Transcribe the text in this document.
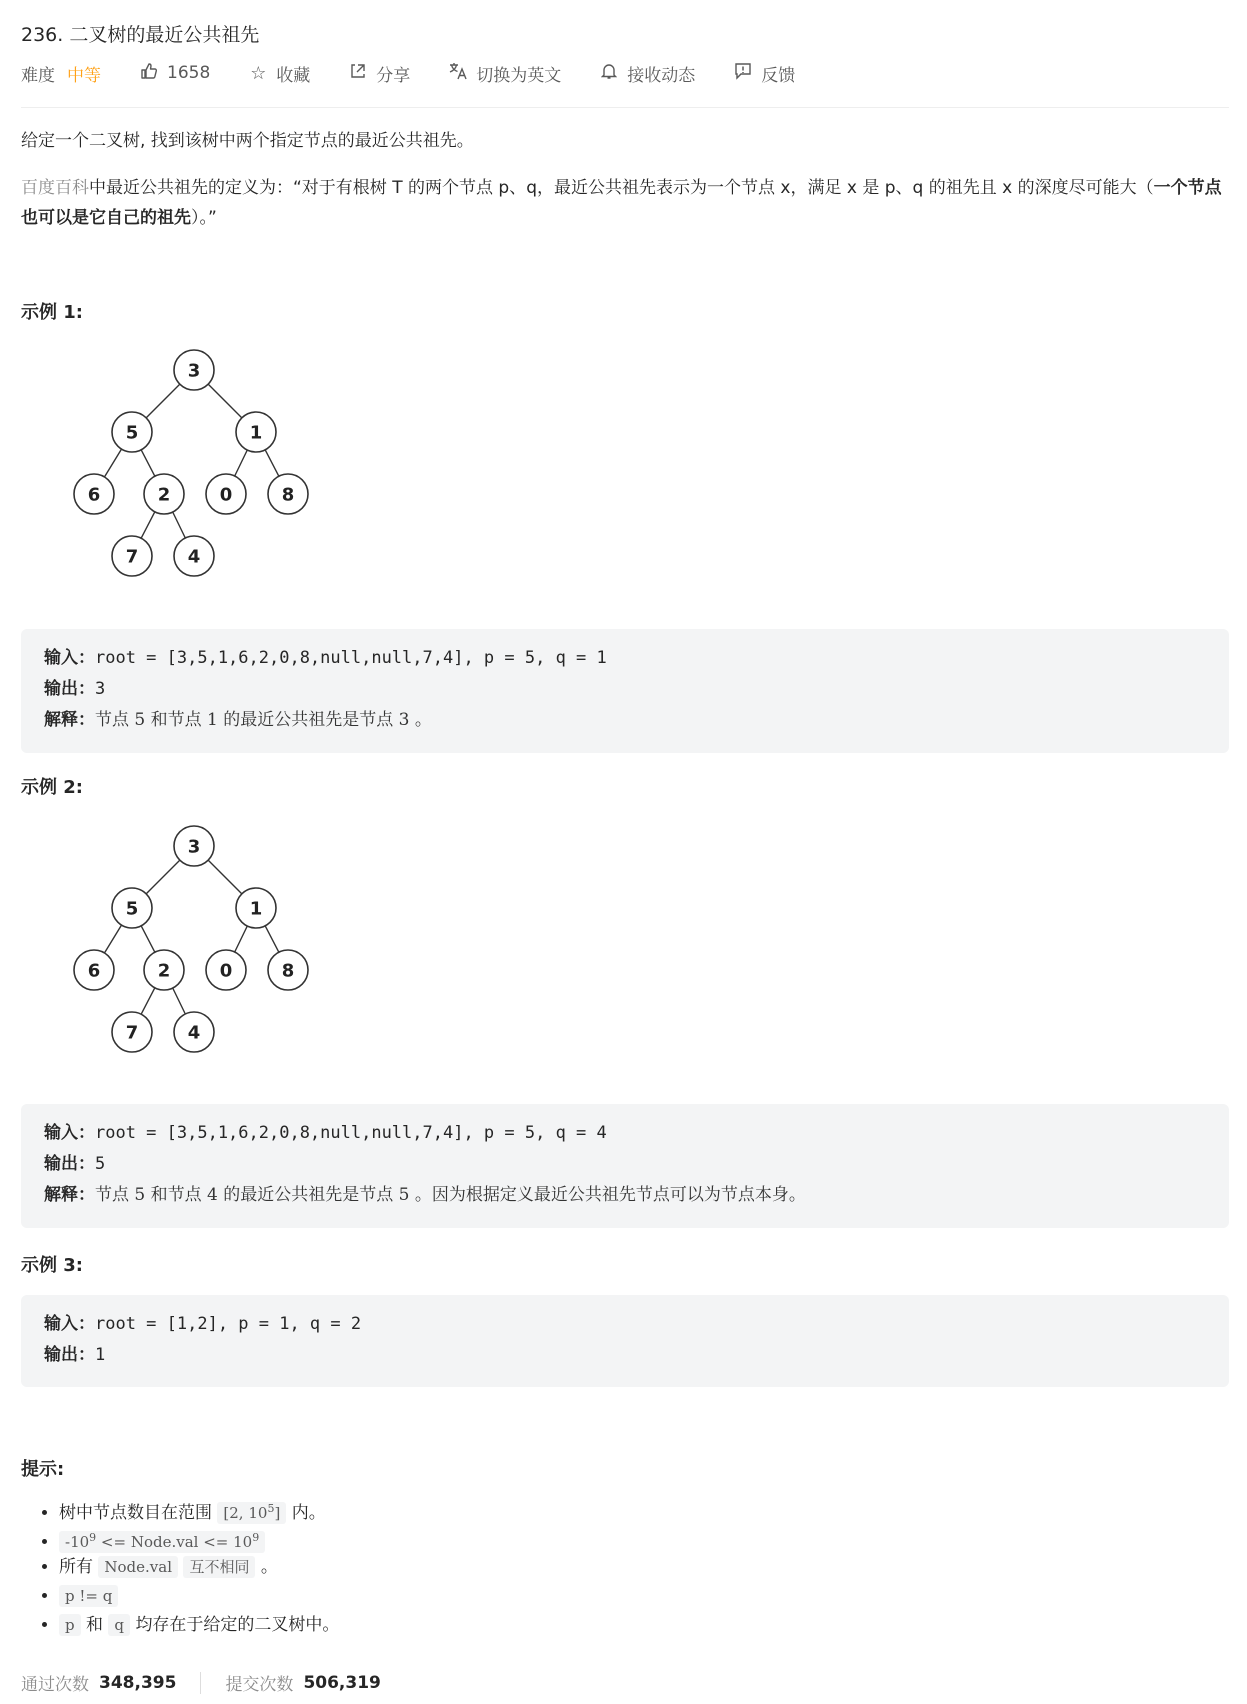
236. 二叉树的最近公共祖先
难度 中等	1658 ☆ 收藏	分享	切换为英文	接收动态	反馈
给定一个二叉树, 找到该树中两个指定节点的最近公共祖先。
百度百科中最近公共祖先的定义为：“对于有根树 T 的两个节点 p、q，最近公共祖先表示为一个节点 x，满足 x 是 p、q 的祖先且 x 的深度尽可能大（一个节点也可以是它自己的祖先）。”
示例 1:
3
5	1
6	2	0	8
7	4
输入：root = [3,5,1,6,2,0,8,null,null,7,4], p = 5, q = 1
输出：3
解释：节点 5 和节点 1 的最近公共祖先是节点 3 。
示例 2:
3
5	1
6	2	0	8
7	4
输入：root = [3,5,1,6,2,0,8,null,null,7,4], p = 5, q = 4
输出：5
解释：节点 5 和节点 4 的最近公共祖先是节点 5 。因为根据定义最近公共祖先节点可以为节点本身。
示例 3:
输入：root = [1,2], p = 1, q = 2
输出：1
提示:
• 树中节点数目在范围 [2, $10^5$] 内。
• $-10^9$ <= Node.val <= $10^9$
• 所有 Node.val 互不相同 。
• p != q
• p 和 q 均存在于给定的二叉树中。
通过次数 348,395	提交次数 506,319
